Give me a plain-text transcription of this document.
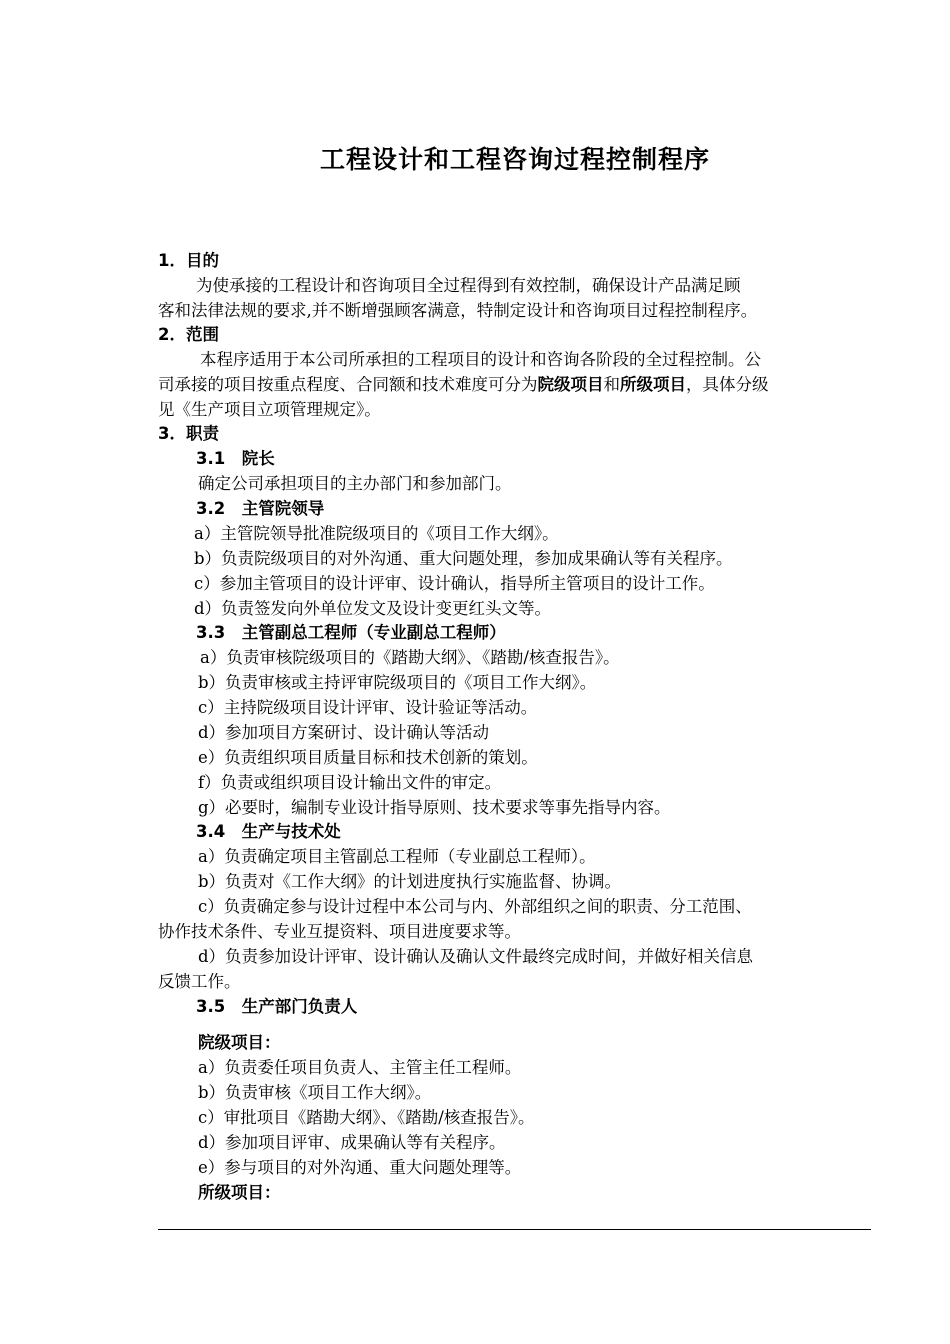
工程设计和工程咨询过程控制程序
1．目的
为使承接的工程设计和咨询项目全过程得到有效控制，确保设计产品满足顾
客和法律法规的要求,并不断增强顾客满意，特制定设计和咨询项目过程控制程序。
2．范围
本程序适用于本公司所承担的工程项目的设计和咨询各阶段的全过程控制。公
司承接的项目按重点程度、合同额和技术难度可分为院级项目和所级项目，具体分级
见《生产项目立项管理规定》。
3．职责
3.1　院长
确定公司承担项目的主办部门和参加部门。
3.2　主管院领导
a）主管院领导批准院级项目的《项目工作大纲》。
b）负责院级项目的对外沟通、重大问题处理，参加成果确认等有关程序。
c）参加主管项目的设计评审、设计确认，指导所主管项目的设计工作。
d）负责签发向外单位发文及设计变更红头文等。
3.3　主管副总工程师（专业副总工程师）
a）负责审核院级项目的《踏勘大纲》、《踏勘/核查报告》。
b）负责审核或主持评审院级项目的《项目工作大纲》。
c）主持院级项目设计评审、设计验证等活动。
d）参加项目方案研讨、设计确认等活动
e）负责组织项目质量目标和技术创新的策划。
f）负责或组织项目设计输出文件的审定。
g）必要时，编制专业设计指导原则、技术要求等事先指导内容。
3.4　生产与技术处
a）负责确定项目主管副总工程师（专业副总工程师）。
b）负责对《工作大纲》的计划进度执行实施监督、协调。
c）负责确定参与设计过程中本公司与内、外部组织之间的职责、分工范围、
协作技术条件、专业互提资料、项目进度要求等。
d）负责参加设计评审、设计确认及确认文件最终完成时间，并做好相关信息
反馈工作。
3.5　生产部门负责人
院级项目：
a）负责委任项目负责人、主管主任工程师。
b）负责审核《项目工作大纲》。
c）审批项目《踏勘大纲》、《踏勘/核查报告》。
d）参加项目评审、成果确认等有关程序。
e）参与项目的对外沟通、重大问题处理等。
所级项目：
